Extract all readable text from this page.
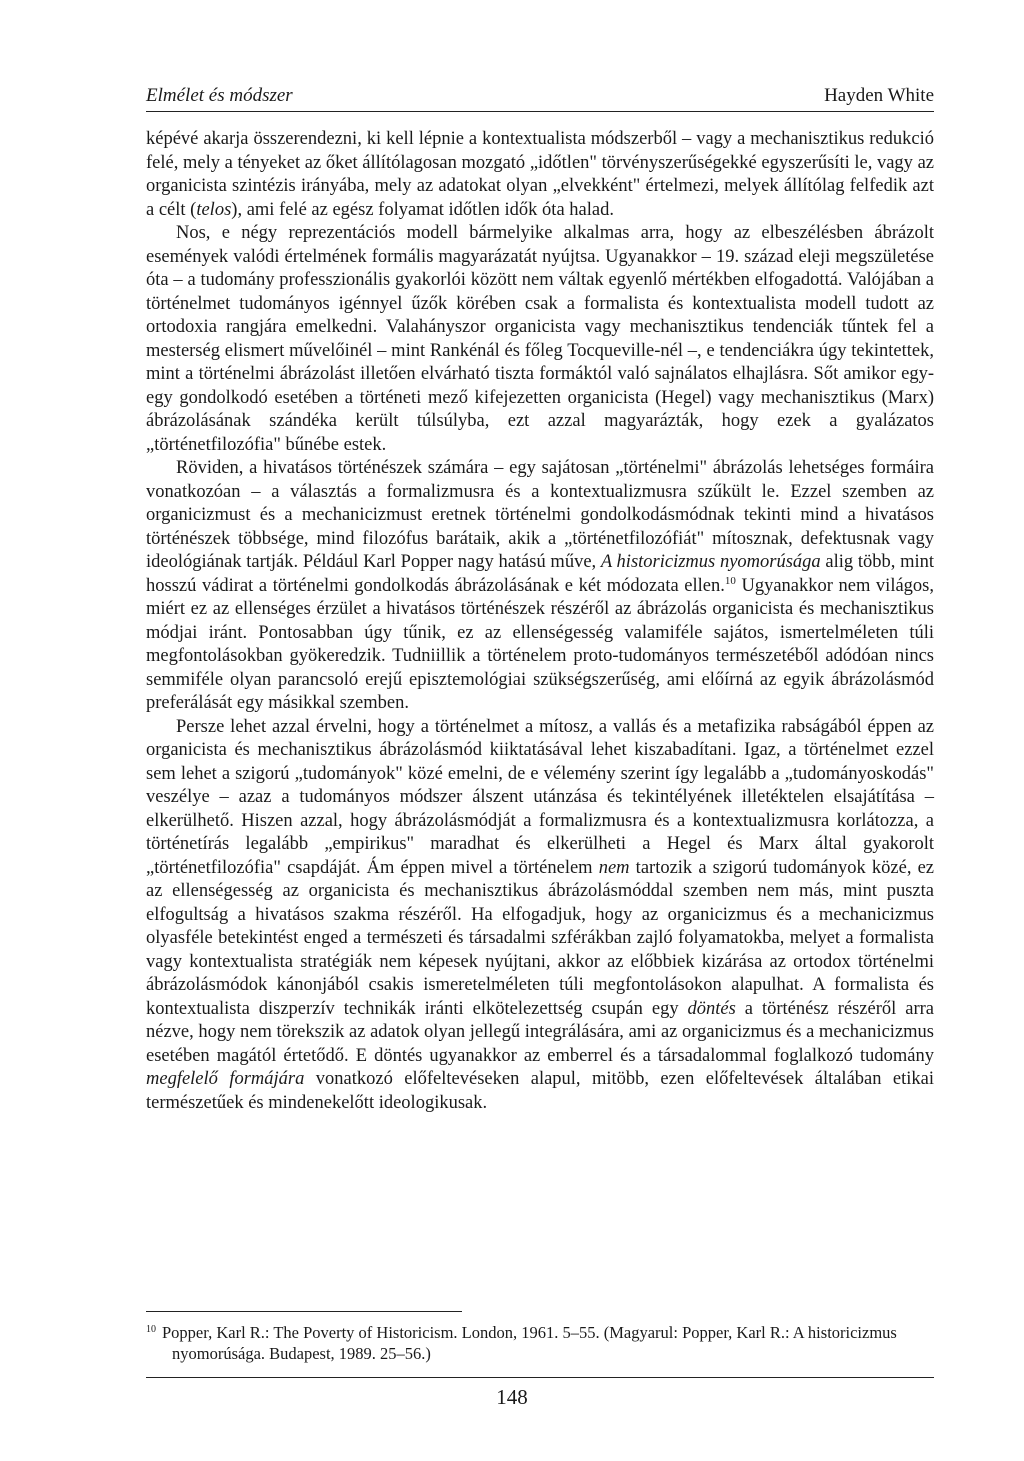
Elmélet és módszer	Hayden White

képévé akarja összerendezni, ki kell lépnie a kontextualista módszerből – vagy a mechanisztikus redukció felé, mely a tényeket az őket állítólagosan mozgató „időtlen" törvényszerűségekké egyszerűsíti le, vagy az organicista szintézis irányába, mely az adatokat olyan „elvekként" értelmezi, melyek állítólag felfedik azt a célt (telos), ami felé az egész folyamat időtlen idők óta halad.

Nos, e négy reprezentációs modell bármelyike alkalmas arra, hogy az elbeszélésben ábrázolt események valódi értelmének formális magyarázatát nyújtsa. Ugyanakkor – 19. század eleji megszületése óta – a tudomány professzionális gyakorlói között nem váltak egyenlő mértékben elfogadottá. Valójában a történelmet tudományos igénnyel űzők körében csak a formalista és kontextualista modell tudott az ortodoxia rangjára emelkedni. Valahányszor organicista vagy mechanisztikus tendenciák tűntek fel a mesterség elismert művelőinél – mint Rankénál és főleg Tocqueville-nél –, e tendenciákra úgy tekintettek, mint a történelmi ábrázolást illetően elvárható tiszta formáktól való sajnálatos elhajlásra. Sőt amikor egy-egy gondolkodó esetében a történeti mező kifejezetten organicista (Hegel) vagy mechanisztikus (Marx) ábrázolásának szándéka került túlsúlyba, ezt azzal magyarázták, hogy ezek a gyalázatos „történetfilozófia" bűnébe estek.

Röviden, a hivatásos történészek számára – egy sajátosan „történelmi" ábrázolás lehetséges formáira vonatkozóan – a választás a formalizmusra és a kontextualizmusra szűkült le. Ezzel szemben az organicizmust és a mechanicizmust eretnek történelmi gondolkodásmódnak tekinti mind a hivatásos történészek többsége, mind filozófus barátaik, akik a „történetfilozófiát" mítosznak, defektusnak vagy ideológiának tartják. Például Karl Popper nagy hatású műve, A historicizmus nyomorúsága alig több, mint hosszú vádirat a történelmi gondolkodás ábrázolásának e két módozata ellen.$^{10}$ Ugyanakkor nem világos, miért ez az ellenséges érzület a hivatásos történészek részéről az ábrázolás organicista és mechanisztikus módjai iránt. Pontosabban úgy tűnik, ez az ellenségesség valamiféle sajátos, ismertelméleten túli megfontolásokban gyökeredzik. Tudniillik a történelem proto-tudományos természetéből adódóan nincs semmiféle olyan parancsoló erejű episztemológiai szükségszerűség, ami előírná az egyik ábrázolásmód preferálását egy másikkal szemben.

Persze lehet azzal érvelni, hogy a történelmet a mítosz, a vallás és a metafizika rabságából éppen az organicista és mechanisztikus ábrázolásmód kiiktatásával lehet kiszabadítani. Igaz, a történelmet ezzel sem lehet a szigorú „tudományok" közé emelni, de e vélemény szerint így legalább a „tudományoskodás" veszélye – azaz a tudományos módszer álszent utánzása és tekintélyének illetéktelen elsajátítása – elkerülhető. Hiszen azzal, hogy ábrázolásmódját a formalizmusra és a kontextualizmusra korlátozza, a történetírás legalább „empirikus" maradhat és elkerülheti a Hegel és Marx által gyakorolt „történetfilozófia" csapdáját. Ám éppen mivel a történelem nem tartozik a szigorú tudományok közé, ez az ellenségesség az organicista és mechanisztikus ábrázolásmóddal szemben nem más, mint puszta elfogultság a hivatásos szakma részéről. Ha elfogadjuk, hogy az organicizmus és a mechanicizmus olyasféle betekintést enged a természeti és társadalmi szférákban zajló folyamatokba, melyet a formalista vagy kontextualista stratégiák nem képesek nyújtani, akkor az előbbiek kizárása az ortodox történelmi ábrázolásmódok kánonjából csakis ismeretelméleten túli megfontolásokon alapulhat. A formalista és kontextualista diszperzív technikák iránti elkötelezettség csupán egy döntés a történész részéről arra nézve, hogy nem törekszik az adatok olyan jellegű integrálására, ami az organicizmus és a mechanicizmus esetében magától értetődő. E döntés ugyanakkor az emberrel és a társadalommal foglalkozó tudomány megfelelő formájára vonatkozó előfeltevéseken alapul, mitöbb, ezen előfeltevések általában etikai természetűek és mindenekelőtt ideologikusak.

$^{10}$ Popper, Karl R.: The Poverty of Historicism. London, 1961. 5–55. (Magyarul: Popper, Karl R.: A historicizmus nyomorúsága. Budapest, 1989. 25–56.)
148
